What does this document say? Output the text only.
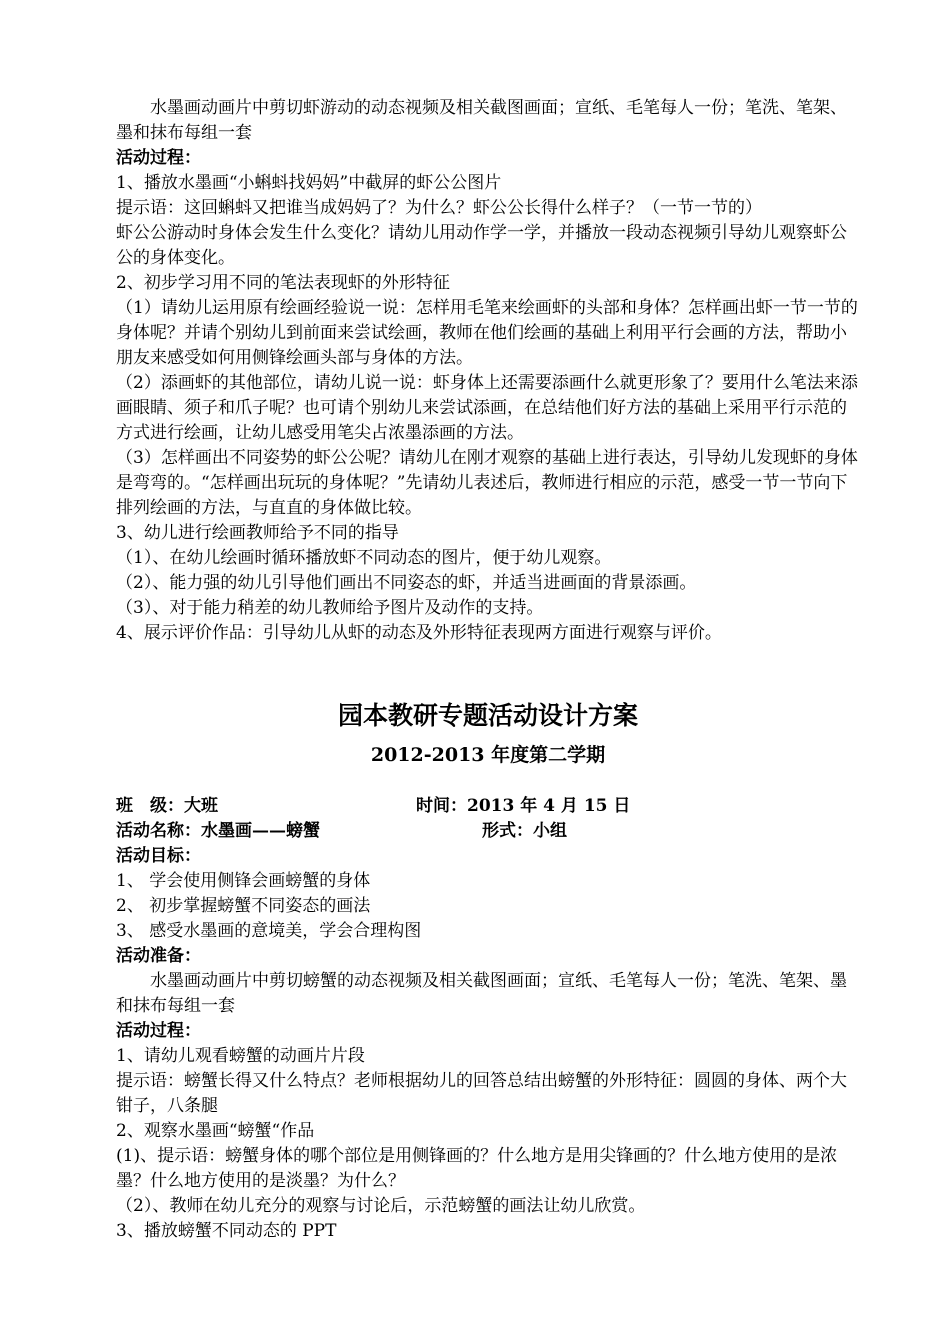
水墨画动画片中剪切虾游动的动态视频及相关截图画面；宣纸、毛笔每人一份；笔洗、笔架、墨和抹布每组一套

活动过程：

1、播放水墨画“小蝌蚪找妈妈”中截屏的虾公公图片

提示语：这回蝌蚪又把谁当成妈妈了？为什么？虾公公长得什么样子？（一节一节的）

虾公公游动时身体会发生什么变化？请幼儿用动作学一学，并播放一段动态视频引导幼儿观察虾公公的身体变化。

2、初步学习用不同的笔法表现虾的外形特征

（1）请幼儿运用原有绘画经验说一说：怎样用毛笔来绘画虾的头部和身体？怎样画出虾一节一节的身体呢？并请个别幼儿到前面来尝试绘画，教师在他们绘画的基础上利用平行会画的方法，帮助小朋友来感受如何用侧锋绘画头部与身体的方法。

（2）添画虾的其他部位，请幼儿说一说：虾身体上还需要添画什么就更形象了？要用什么笔法来添画眼睛、须子和爪子呢？也可请个别幼儿来尝试添画，在总结他们好方法的基础上采用平行示范的方式进行绘画，让幼儿感受用笔尖占浓墨添画的方法。

（3）怎样画出不同姿势的虾公公呢？请幼儿在刚才观察的基础上进行表达，引导幼儿发现虾的身体是弯弯的。“怎样画出玩玩的身体呢？”先请幼儿表述后，教师进行相应的示范，感受一节一节向下排列绘画的方法，与直直的身体做比较。

3、幼儿进行绘画教师给予不同的指导

（1）、在幼儿绘画时循环播放虾不同动态的图片，便于幼儿观察。

（2）、能力强的幼儿引导他们画出不同姿态的虾，并适当进画面的背景添画。

（3）、对于能力稍差的幼儿教师给予图片及动作的支持。

4、展示评价作品：引导幼儿从虾的动态及外形特征表现两方面进行观察与评价。

园本教研专题活动设计方案
2012-2013 年度第二学期
班　级：大班	时间：2013 年 4 月 15 日
活动名称：水墨画——螃蟹	形式：小组

活动目标：

1、 学会使用侧锋会画螃蟹的身体

2、 初步掌握螃蟹不同姿态的画法

3、 感受水墨画的意境美，学会合理构图

活动准备：

水墨画动画片中剪切螃蟹的动态视频及相关截图画面；宣纸、毛笔每人一份；笔洗、笔架、墨和抹布每组一套

活动过程：

1、请幼儿观看螃蟹的动画片片段

提示语：螃蟹长得又什么特点？老师根据幼儿的回答总结出螃蟹的外形特征：圆圆的身体、两个大钳子，八条腿

2、观察水墨画“螃蟹“作品

(1)、提示语：螃蟹身体的哪个部位是用侧锋画的？什么地方是用尖锋画的？什么地方使用的是浓墨？什么地方使用的是淡墨？为什么？

（2）、教师在幼儿充分的观察与讨论后，示范螃蟹的画法让幼儿欣赏。

3、播放螃蟹不同动态的 PPT
